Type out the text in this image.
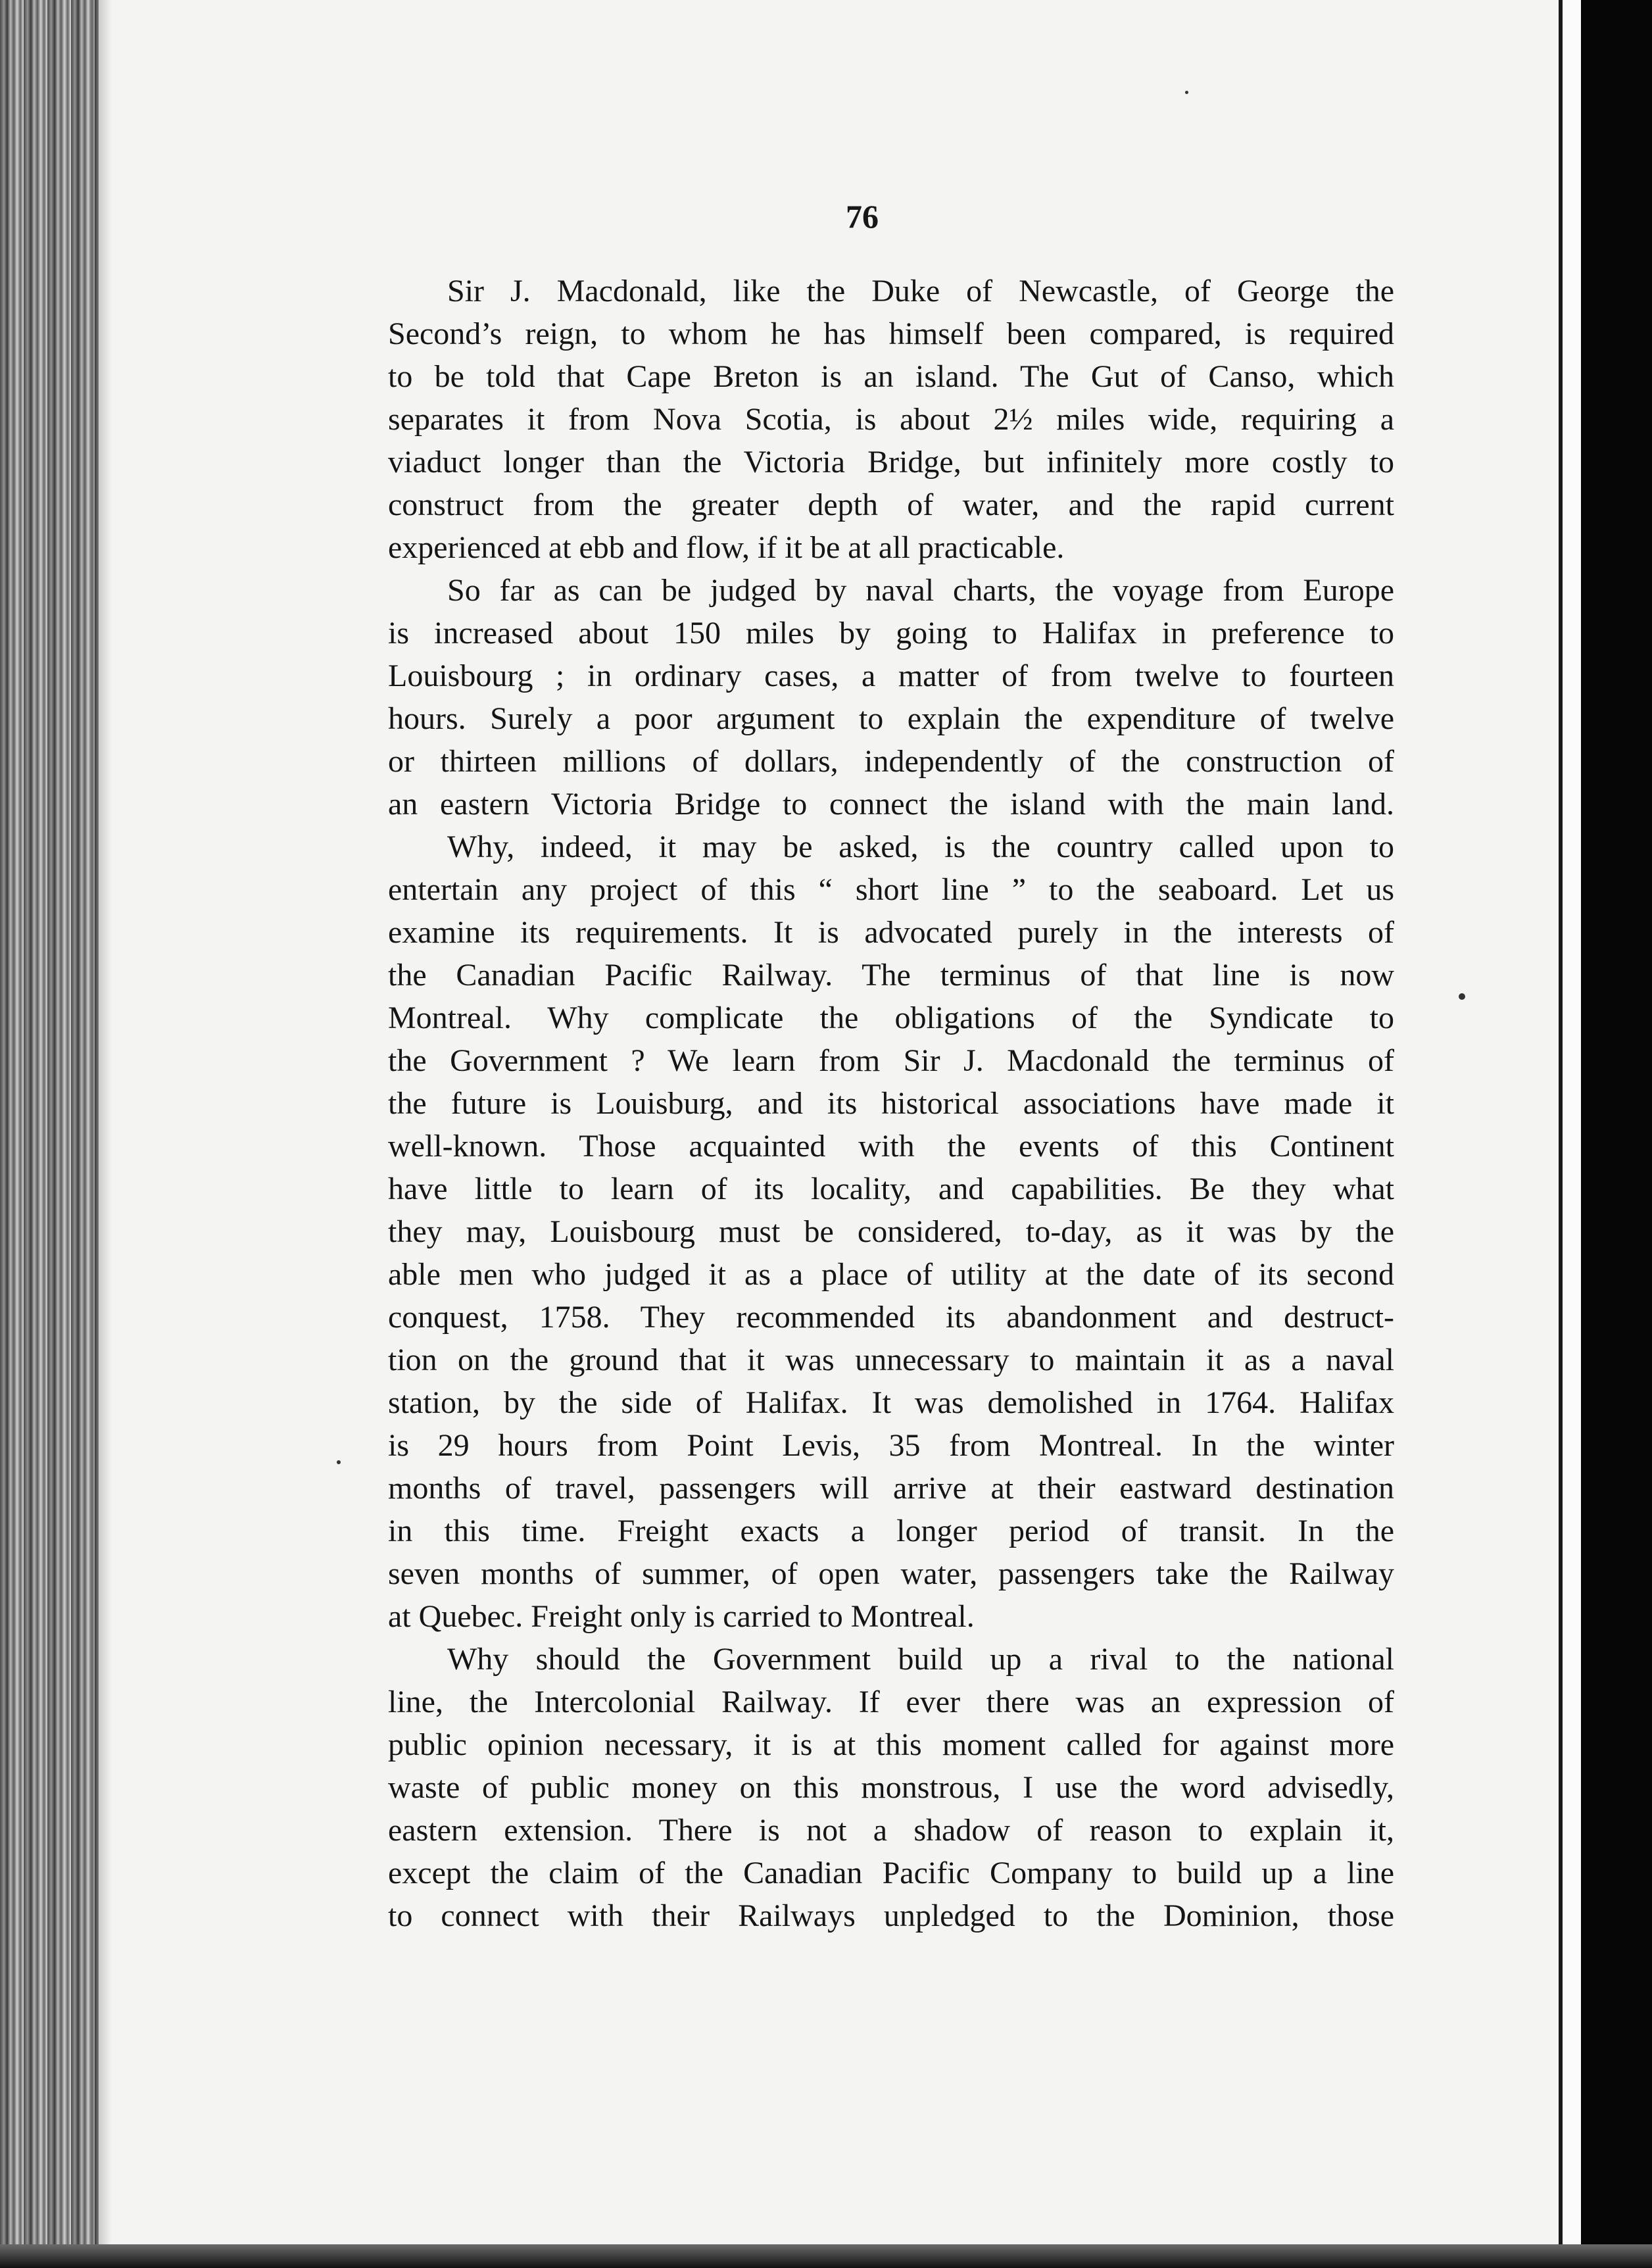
76
Sir J. Macdonald, like the Duke of Newcastle, of George the
Second’s reign, to whom he has himself been compared, is required
to be told that Cape Breton is an island. The Gut of Canso, which
separates it from Nova Scotia, is about 2½ miles wide, requiring a
viaduct longer than the Victoria Bridge, but infinitely more costly to
construct from the greater depth of water, and the rapid current
experienced at ebb and flow, if it be at all practicable.
So far as can be judged by naval charts, the voyage from Europe
is increased about 150 miles by going to Halifax in preference to
Louisbourg ; in ordinary cases, a matter of from twelve to fourteen
hours. Surely a poor argument to explain the expenditure of twelve
or thirteen millions of dollars, independently of the construction of
an eastern Victoria Bridge to connect the island with the main land.
Why, indeed, it may be asked, is the country called upon to
entertain any project of this “ short line ” to the seaboard. Let us
examine its requirements. It is advocated purely in the interests of
the Canadian Pacific Railway. The terminus of that line is now
Montreal. Why complicate the obligations of the Syndicate to
the Government ? We learn from Sir J. Macdonald the terminus of
the future is Louisburg, and its historical associations have made it
well-known. Those acquainted with the events of this Continent
have little to learn of its locality, and capabilities. Be they what
they may, Louisbourg must be considered, to-day, as it was by the
able men who judged it as a place of utility at the date of its second
conquest, 1758. They recommended its abandonment and destruct-
tion on the ground that it was unnecessary to maintain it as a naval
station, by the side of Halifax. It was demolished in 1764. Halifax
is 29 hours from Point Levis, 35 from Montreal. In the winter
months of travel, passengers will arrive at their eastward destination
in this time. Freight exacts a longer period of transit. In the
seven months of summer, of open water, passengers take the Railway
at Quebec. Freight only is carried to Montreal.
Why should the Government build up a rival to the national
line, the Intercolonial Railway. If ever there was an expression of
public opinion necessary, it is at this moment called for against more
waste of public money on this monstrous, I use the word advisedly,
eastern extension. There is not a shadow of reason to explain it,
except the claim of the Canadian Pacific Company to build up a line
to connect with their Railways unpledged to the Dominion, those
